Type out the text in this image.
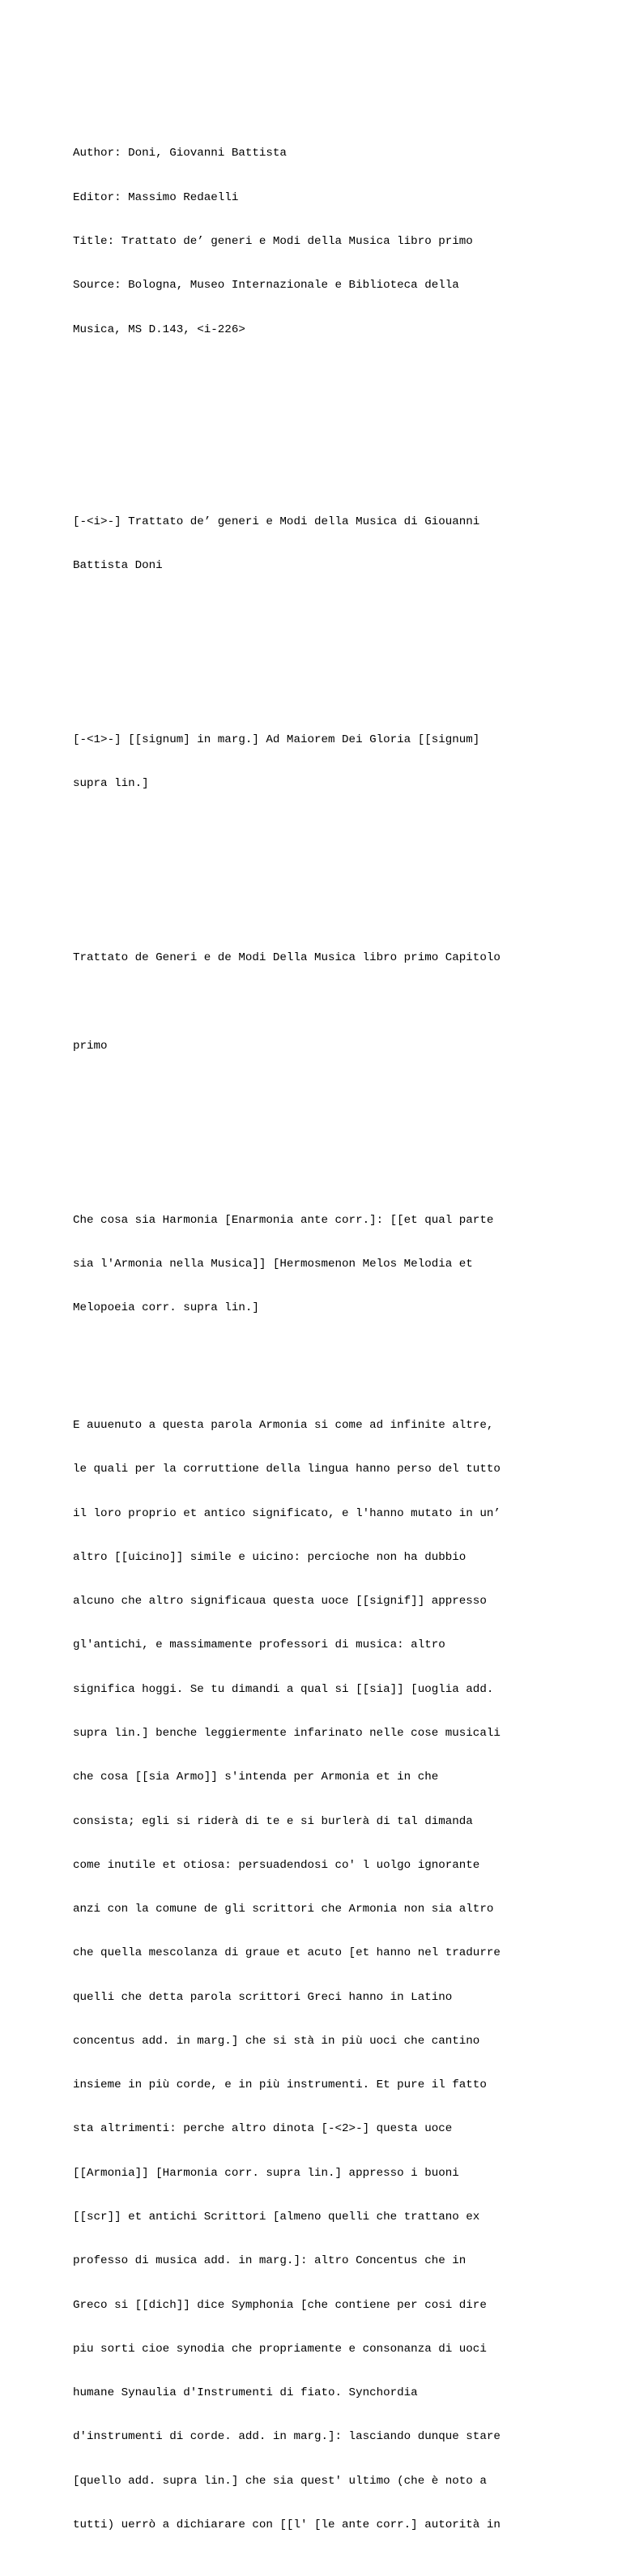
Author: Doni, Giovanni Battista

Editor: Massimo Redaelli

Title: Trattato de’ generi e Modi della Musica libro primo

Source: Bologna, Museo Internazionale e Biblioteca della

Musica, MS D.143, <i-226>

[-<i>-] Trattato de’ generi e Modi della Musica di Giouanni

Battista Doni

[-<1>-] [[signum] in marg.] Ad Maiorem Dei Gloria [[signum]

supra lin.]

Trattato de Generi e de Modi Della Musica libro primo Capitolo

primo

Che cosa sia Harmonia [Enarmonia ante corr.]: [[et qual parte

sia l'Armonia nella Musica]] [Hermosmenon Melos Melodia et

Melopoeia corr. supra lin.]

E auuenuto a questa parola Armonia si come ad infinite altre,

le quali per la corruttione della lingua hanno perso del tutto

il loro proprio et antico significato, e l'hanno mutato in un’

altro [[uicino]] simile e uicino: percioche non ha dubbio

alcuno che altro significaua questa uoce [[signif]] appresso

gl'antichi, e massimamente professori di musica: altro

significa hoggi. Se tu dimandi a qual si [[sia]] [uoglia add.

supra lin.] benche leggiermente infarinato nelle cose musicali

che cosa [[sia Armo]] s'intenda per Armonia et in che

consista; egli si riderà di te e si burlerà di tal dimanda

come inutile et otiosa: persuadendosi co' l uolgo ignorante

anzi con la comune de gli scrittori che Armonia non sia altro

che quella mescolanza di graue et acuto [et hanno nel tradurre

quelli che detta parola scrittori Greci hanno in Latino

concentus add. in marg.] che si stà in più uoci che cantino

insieme in più corde, e in più instrumenti. Et pure il fatto

sta altrimenti: perche altro dinota [-<2>-] questa uoce

[[Armonia]] [Harmonia corr. supra lin.] appresso i buoni

[[scr]] et antichi Scrittori [almeno quelli che trattano ex

professo di musica add. in marg.]: altro Concentus che in

Greco si [[dich]] dice Symphonia [che contiene per cosi dire

piu sorti cioe synodia che propriamente e consonanza di uoci

humane Synaulia d'Instrumenti di fiato. Synchordia

d'instrumenti di corde. add. in marg.]: lasciando dunque stare

[quello add. supra lin.] che sia quest' ultimo (che è noto a

tutti) uerrò a dichiarare con [[l' [le ante corr.] autorità in
